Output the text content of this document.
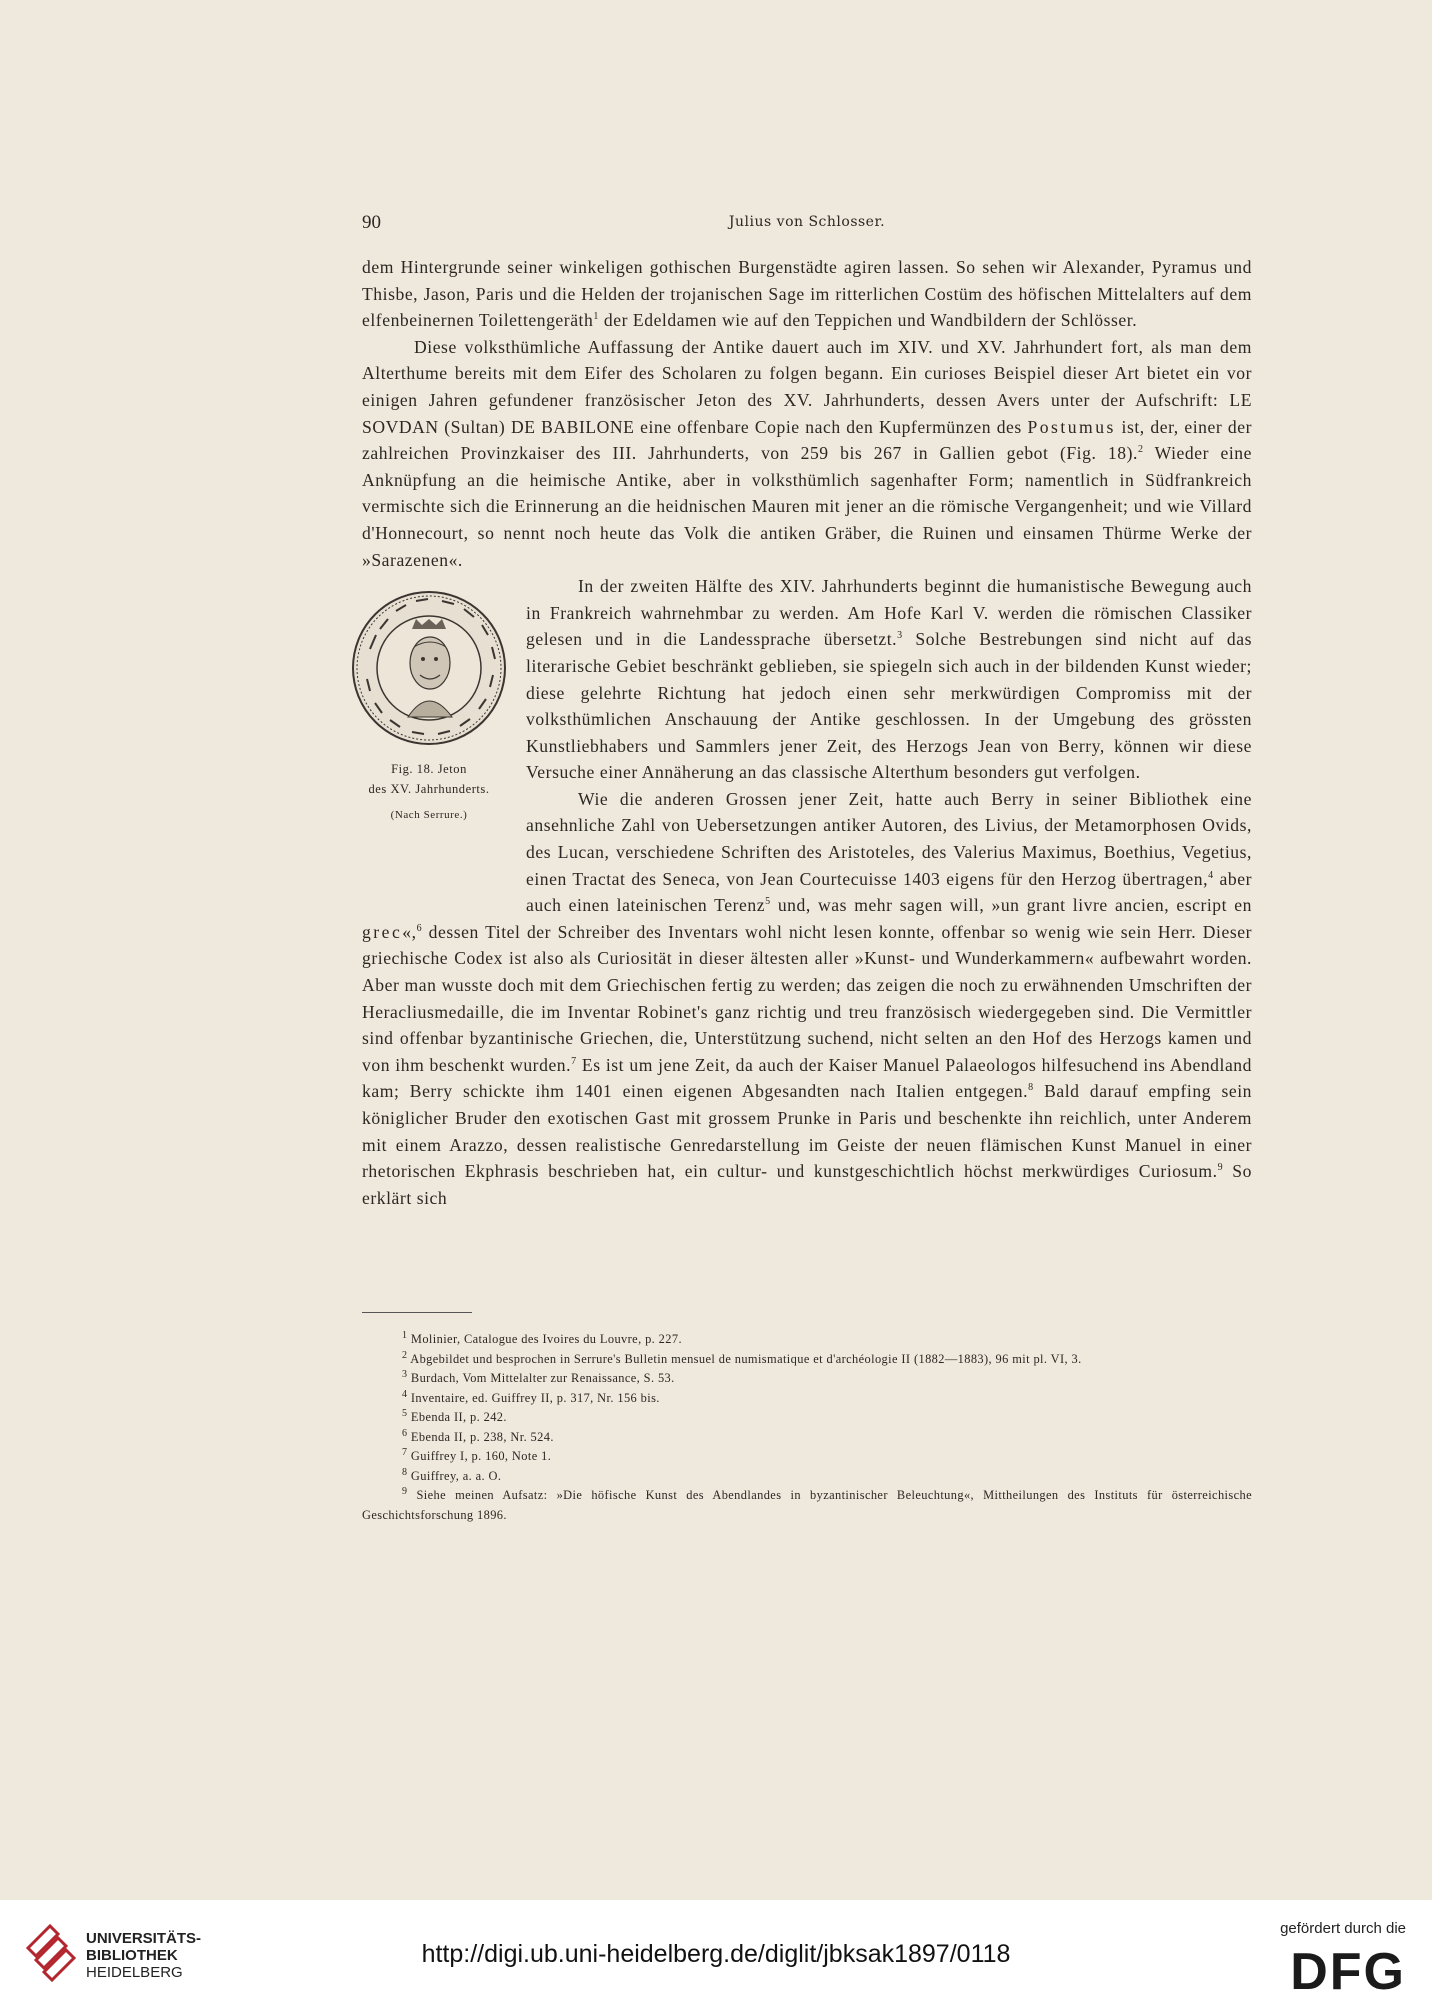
90	Julius von Schlosser.

dem Hintergrunde seiner winkeligen gothischen Burgenstädte agiren lassen. So sehen wir Alexander, Pyramus und Thisbe, Jason, Paris und die Helden der trojanischen Sage im ritterlichen Costüm des höfischen Mittelalters auf dem elfenbeinernen Toilettengeräth$^1$ der Edeldamen wie auf den Teppichen und Wandbildern der Schlösser.

Diese volksthümliche Auffassung der Antike dauert auch im XIV. und XV. Jahrhundert fort, als man dem Alterthume bereits mit dem Eifer des Scholaren zu folgen begann. Ein curioses Beispiel dieser Art bietet ein vor einigen Jahren gefundener französischer Jeton des XV. Jahrhunderts, dessen Avers unter der Aufschrift: LE SOVDAN (Sultan) DE BABILONE eine offenbare Copie nach den Kupfermünzen des Postumus ist, der, einer der zahlreichen Provinzkaiser des III. Jahrhunderts, von 259 bis 267 in Gallien gebot (Fig. 18).$^2$ Wieder eine Anknüpfung an die heimische Antike, aber in volksthümlich sagenhafter Form; namentlich in Südfrankreich vermischte sich die Erinnerung an die heidnischen Mauren mit jener an die römische Vergangenheit; und wie Villard d'Honnecourt, so nennt noch heute das Volk die antiken Gräber, die Ruinen und einsamen Thürme Werke der »Sarazenen«.

Fig. 18. Jeton
des XV. Jahrhunderts.
(Nach Serrure.)

In der zweiten Hälfte des XIV. Jahrhunderts beginnt die humanistische Bewegung auch in Frankreich wahrnehmbar zu werden. Am Hofe Karl V. werden die römischen Classiker gelesen und in die Landessprache übersetzt.$^3$ Solche Bestrebungen sind nicht auf das literarische Gebiet beschränkt geblieben, sie spiegeln sich auch in der bildenden Kunst wieder; diese gelehrte Richtung hat jedoch einen sehr merkwürdigen Compromiss mit der volksthümlichen Anschauung der Antike geschlossen. In der Umgebung des grössten Kunstliebhabers und Sammlers jener Zeit, des Herzogs Jean von Berry, können wir diese Versuche einer Annäherung an das classische Alterthum besonders gut verfolgen.

Wie die anderen Grossen jener Zeit, hatte auch Berry in seiner Bibliothek eine ansehnliche Zahl von Uebersetzungen antiker Autoren, des Livius, der Metamorphosen Ovids, des Lucan, verschiedene Schriften des Aristoteles, des Valerius Maximus, Boethius, Vegetius, einen Tractat des Seneca, von Jean Courtecuisse 1403 eigens für den Herzog übertragen,$^4$ aber auch einen lateinischen Terenz$^5$ und, was mehr sagen will, »un grant livre ancien, escript en grec«,$^6$ dessen Titel der Schreiber des Inventars wohl nicht lesen konnte, offenbar so wenig wie sein Herr. Dieser griechische Codex ist also als Curiosität in dieser ältesten aller »Kunst- und Wunderkammern« aufbewahrt worden. Aber man wusste doch mit dem Griechischen fertig zu werden; das zeigen die noch zu erwähnenden Umschriften der Heracliusmedaille, die im Inventar Robinet's ganz richtig und treu französisch wiedergegeben sind. Die Vermittler sind offenbar byzantinische Griechen, die, Unterstützung suchend, nicht selten an den Hof des Herzogs kamen und von ihm beschenkt wurden.$^7$ Es ist um jene Zeit, da auch der Kaiser Manuel Palaeologos hilfesuchend ins Abendland kam; Berry schickte ihm 1401 einen eigenen Abgesandten nach Italien entgegen.$^8$ Bald darauf empfing sein königlicher Bruder den exotischen Gast mit grossem Prunke in Paris und beschenkte ihn reichlich, unter Anderem mit einem Arazzo, dessen realistische Genredarstellung im Geiste der neuen flämischen Kunst Manuel in einer rhetorischen Ekphrasis beschrieben hat, ein cultur- und kunstgeschichtlich höchst merkwürdiges Curiosum.$^9$ So erklärt sich

$^1$ Molinier, Catalogue des Ivoires du Louvre, p. 227.
$^2$ Abgebildet und besprochen in Serrure's Bulletin mensuel de numismatique et d'archéologie II (1882—1883), 96 mit pl. VI, 3.
$^3$ Burdach, Vom Mittelalter zur Renaissance, S. 53.
$^4$ Inventaire, ed. Guiffrey II, p. 317, Nr. 156 bis.
$^5$ Ebenda II, p. 242.
$^6$ Ebenda II, p. 238, Nr. 524.
$^7$ Guiffrey I, p. 160, Note 1.
$^8$ Guiffrey, a. a. O.
$^9$ Siehe meinen Aufsatz: »Die höfische Kunst des Abendlandes in byzantinischer Beleuchtung«, Mittheilungen des Instituts für österreichische Geschichtsforschung 1896.
UNIVERSITÄTS-
BIBLIOTHEK
HEIDELBERG
http://digi.ub.uni-heidelberg.de/diglit/jbksak1897/0118
gefördert durch die
DFG
